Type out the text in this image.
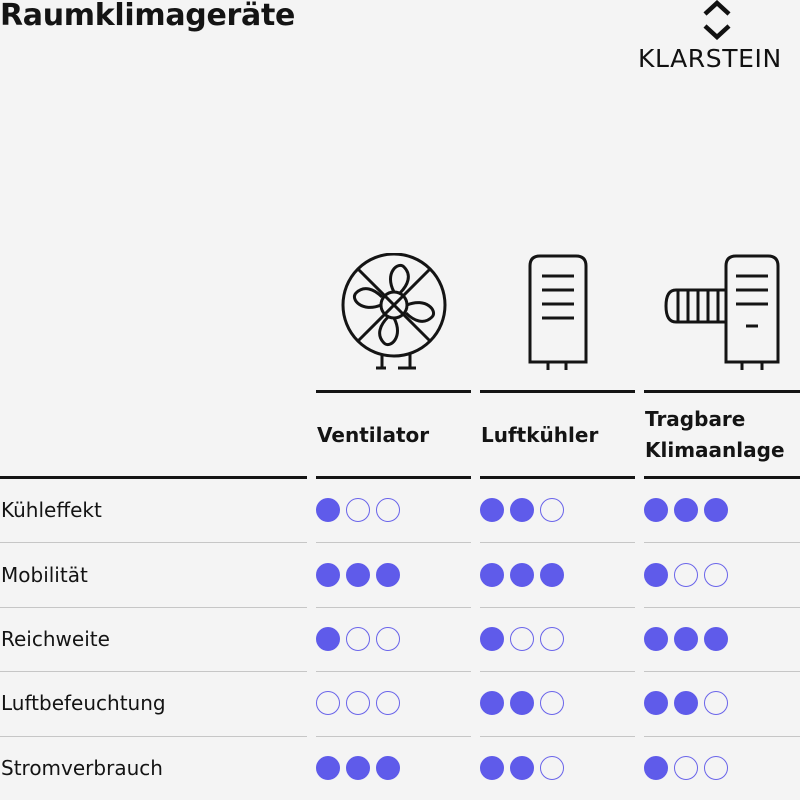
Raumklimageräte
KLARSTEIN
Ventilator	Luftkühler
Tragbare
Klimaanlage
Kühleffekt
Mobilität
Reichweite
Luftbefeuchtung
Stromverbrauch
